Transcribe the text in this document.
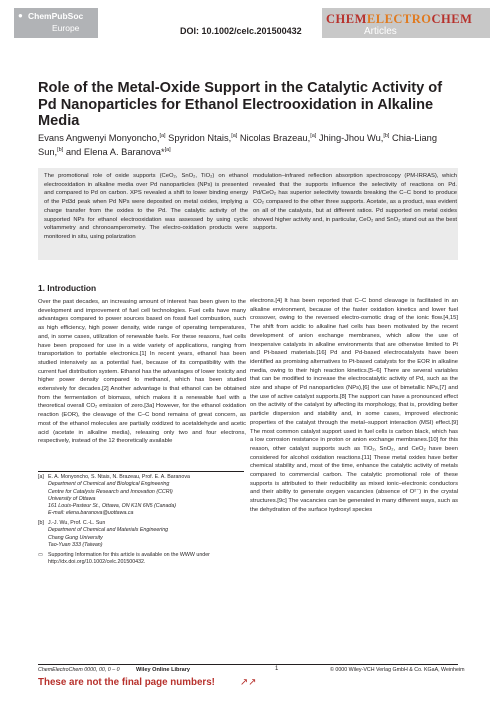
● ChemPubSoc
Europe	DOI: 10.1002/celc.201500432
CHEMELECTROCHEM
Articles
Role of the Metal-Oxide Support in the Catalytic Activity of Pd Nanoparticles for Ethanol Electrooxidation in Alkaline Media
Evans Angwenyi Monyoncho,[a] Spyridon Ntais,[a] Nicolas Brazeau,[a] Jhing-Jhou Wu,[b] Chia-Liang Sun,[b] and Elena A. Baranova*[a]

The promotional role of oxide supports (CeO₂, SnO₂, TiO₂) on ethanol electrooxidation in alkaline media over Pd nanoparticles (NPs) is presented and compared to Pd on carbon. XPS revealed a shift to lower binding energy of the Pd3d peak when Pd NPs were deposited on metal oxides, implying a charge transfer from the oxides to the Pd. The catalytic activity of the supported NPs for ethanol electrooxidation was assessed by using cyclic voltammetry and chronoamperometry. The electro-oxidation products were monitored in situ, using polarization

modulation–infrared reflection absorption spectroscopy (PM-IRRAS), which revealed that the supports influence the selectivity of reactions on Pd. Pd/CeO₂ has superior selectivity towards breaking the C–C bond to produce CO₂ compared to the other three supports. Acetate, as a product, was evident on all of the catalysts, but at different ratios. Pd supported on metal oxides showed higher activity and, in particular, CeO₂ and SnO₂ stand out as the best supports.

1. Introduction

Over the past decades, an increasing amount of interest has been given to the development and improvement of fuel cell technologies. Fuel cells have many advantages compared to power sources based on fossil fuel combustion, such as high efficiency, high power density, wide range of operating temperatures, and, in some cases, utilization of renewable fuels. For these reasons, fuel cells have been proposed for use in a wide variety of applications, ranging from transportation to portable electronics.[1] In recent years, ethanol has been studied intensively as a potential fuel, because of its compatibility with the current fuel distribution system. Ethanol has the advantages of lower toxicity and higher power density compared to methanol, which has been studied extensively for decades.[2] Another advantage is that ethanol can be obtained from the fermentation of biomass, which makes it a renewable fuel with a theoretical overall CO₂ emission of zero.[3a] However, for the ethanol oxidation reaction (EOR), the cleavage of the C–C bond remains of great concern, as most of the ethanol molecules are partially oxidized to acetaldehyde and acetic acid (acetate in alkaline media), releasing only two and four electrons, respectively, instead of the 12 theoretically available

electrons.[4] It has been reported that C–C bond cleavage is facilitated in an alkaline environment, because of the faster oxidation kinetics and lower fuel crossover, owing to the reversed electro-osmotic drag of the ionic flow.[4,15] The shift from acidic to alkaline fuel cells has been motivated by the recent development of anion exchange membranes, which allow the use of inexpensive catalysts in alkaline environments that are otherwise limited to Pt and Pt-based materials.[16] Pd and Pd-based electrocatalysts have been identified as promising alternatives to Pt-based catalysts for the EOR in alkaline media, owing to their high reaction kinetics.[5–6] There are several variables that can be modified to increase the electrocatalytic activity of Pd, such as the size and shape of Pd nanoparticles (NPs),[6] the use of bimetallic NPs,[7] and the use of active catalyst supports.[8] The support can have a pronounced effect on the activity of the catalyst by affecting its morphology, that is, providing better particle dispersion and stability and, in some cases, improved electronic properties of the catalyst through the metal–support interaction (MSI) effect.[9] The most common catalyst support used in fuel cells is carbon black, which has a low corrosion resistance in proton or anion exchange membranes.[10] for this reason, other catalyst supports such as TiO₂, SnO₂, and CeO₂ have been considered for alcohol oxidation reactions.[11] These metal oxides have better chemical stability and, most of the time, enhance the catalytic activity of metals compared to commercial carbon. The catalytic promotional role of these supports is attributed to their reducibility as mixed ionic–electronic conductors and their ability to generate oxygen vacancies (absence of O²⁻) in the crystal structures.[9c] The vacancies can be generated in many different ways, such as the dehydration of the surface hydroxyl species

[a] E. A. Monyoncho, S. Ntais, N. Brazeau, Prof. E. A. Baranova
Department of Chemical and Biological Engineering
Centre for Catalysis Research and Innovation (CCRI)
University of Ottawa
161 Louis-Pasteur St., Ottawa, ON K1N 6N5 (Canada)
E-mail: elena.baranova@uottawa.ca
[b] J.-J. Wu, Prof. C.-L. Sun
Department of Chemical and Materials Engineering
Chang Gung University
Tao-Yuan 333 (Taiwan)
▭ Supporting Information for this article is available on the WWW under
http://dx.doi.org/10.1002/celc.201500432.
ChemElectroChem 0000, 00, 0 – 0	Wiley Online Library	1	© 0000 Wiley-VCH Verlag GmbH & Co. KGaA, Weinheim
These are not the final page numbers!	↗↗
